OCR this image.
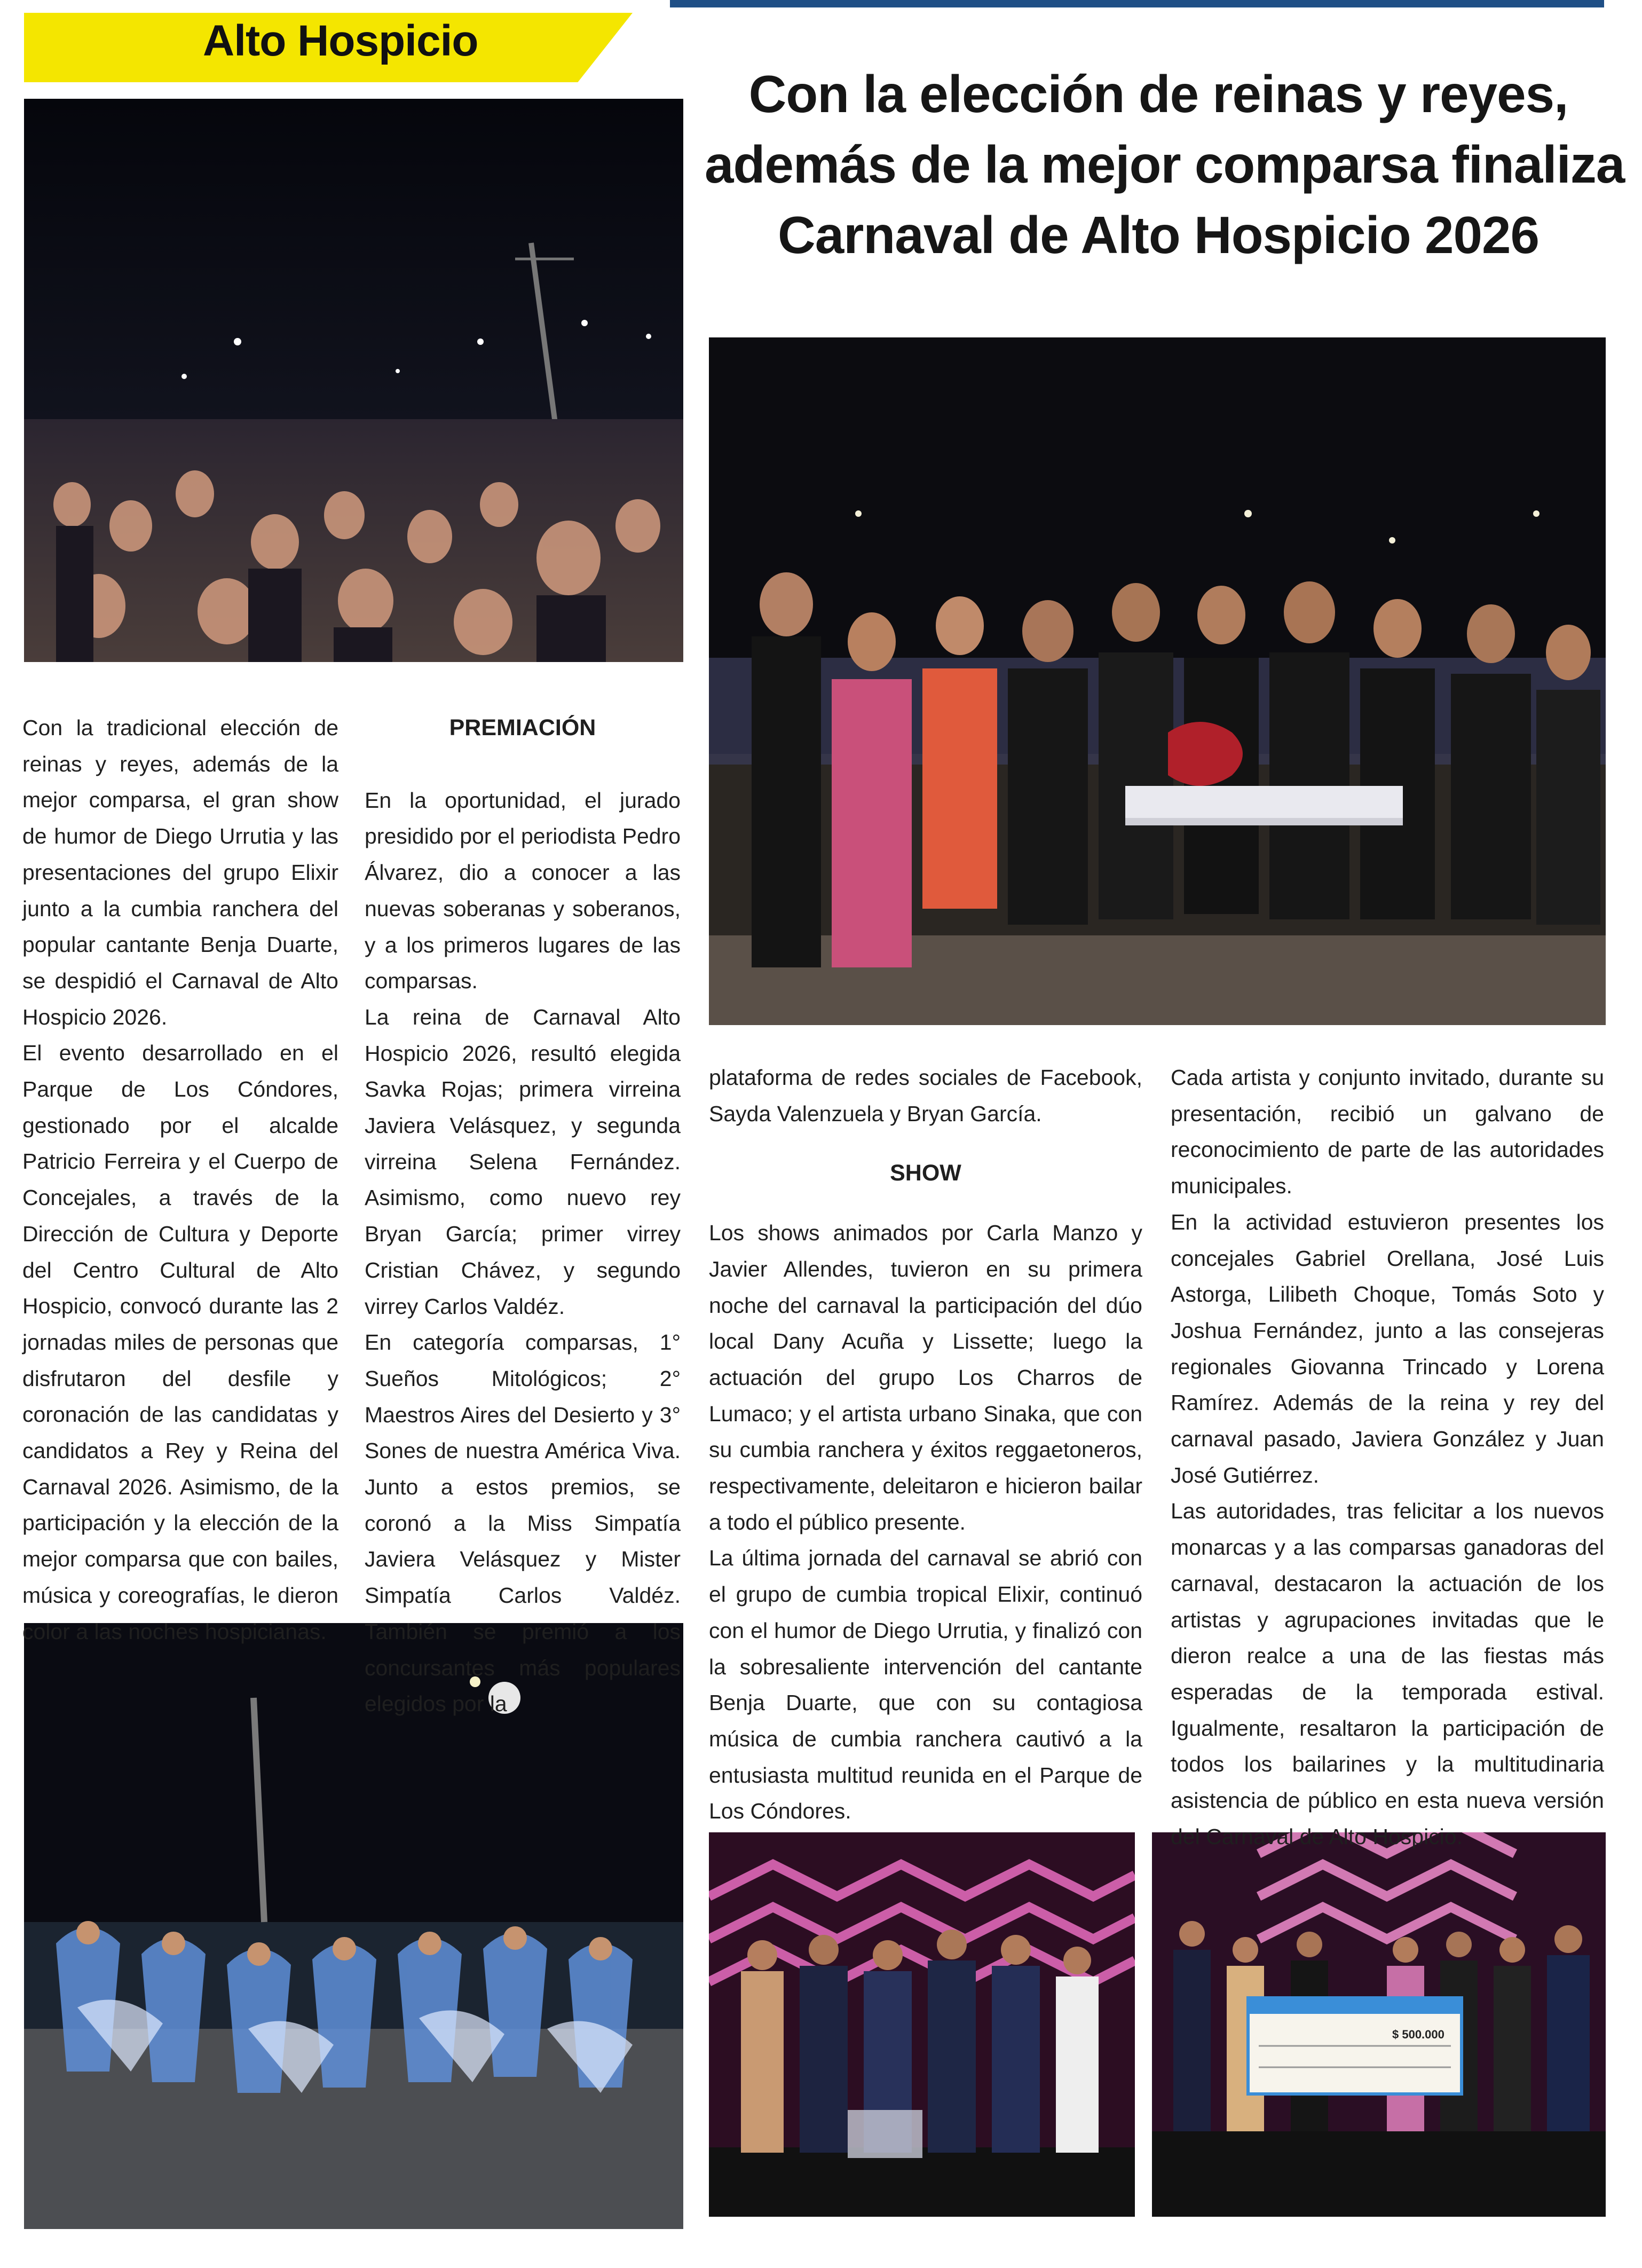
Alto Hospicio
Con la elección de reinas y reyes,
además de la mejor comparsa finaliza
Carnaval de Alto Hospicio 2026
$ 500.000

Con la tradicional elección de reinas y reyes, además de la mejor comparsa, el gran show de humor de Diego Urrutia y las presentaciones del grupo Elixir junto a la cumbia ranchera del popular cantante Benja Duarte, se despidió el Carnaval de Alto Hospicio 2026.

El evento desarrollado en el Parque de Los Cóndores, gestionado por el alcalde Patricio Ferreira y el Cuerpo de Concejales, a través de la Dirección de Cultura y Deporte del Centro Cultural de Alto Hospicio, convocó durante las 2 jornadas miles de personas que disfrutaron del desfile y coronación de las candidatas y candidatos a Rey y Reina del Carnaval 2026. Asimismo, de la participación y la elección de la mejor comparsa que con bailes, música y coreografías, le dieron color a las noches hospicianas.

PREMIACIÓN

En la oportunidad, el jurado presidido por el periodista Pedro Álvarez, dio a conocer a las nuevas soberanas y soberanos, y a los primeros lugares de las comparsas.

La reina de Carnaval Alto Hospicio 2026, resultó elegida Savka Rojas; primera virreina Javiera Velásquez, y segunda virreina Selena Fernández. Asimismo, como nuevo rey Bryan García; primer virrey Cristian Chávez, y segundo virrey Carlos Valdéz.

En categoría comparsas, 1° Sueños Mitológicos; 2° Maestros Aires del Desierto y 3° Sones de nuestra América Viva. Junto a estos premios, se coronó a la Miss Simpatía Javiera Velásquez y Mister Simpatía Carlos Valdéz. También se premió a los concursantes más populares elegidos por la

plataforma de redes sociales de Facebook, Sayda Valenzuela y Bryan García.

SHOW

Los shows animados por Carla Manzo y Javier Allendes, tuvieron en su primera noche del carnaval la participación del dúo local Dany Acuña y Lissette; luego la actuación del grupo Los Charros de Lumaco; y el artista urbano Sinaka, que con su cumbia ranchera y éxitos reggaetoneros, respectivamente, deleitaron e hicieron bailar a todo el público presente.

La última jornada del carnaval se abrió con el grupo de cumbia tropical Elixir, continuó con el humor de Diego Urrutia, y finalizó con la sobresaliente intervención del cantante Benja Duarte, que con su contagiosa música de cumbia ranchera cautivó a la entusiasta multitud reunida en el Parque de Los Cóndores.

Cada artista y conjunto invitado, durante su presentación, recibió un galvano de reconocimiento de parte de las autoridades municipales.

En la actividad estuvieron presentes los concejales Gabriel Orellana, José Luis Astorga, Lilibeth Choque, Tomás Soto y Joshua Fernández, junto a las consejeras regionales Giovanna Trincado y Lorena Ramírez. Además de la reina y rey del carnaval pasado, Javiera González y Juan José Gutiérrez.

Las autoridades, tras felicitar a los nuevos monarcas y a las comparsas ganadoras del carnaval, destacaron la actuación de los artistas y agrupaciones invitadas que le dieron realce a una de las fiestas más esperadas de la temporada estival. Igualmente, resaltaron la participación de todos los bailarines y la multitudinaria asistencia de público en esta nueva versión del Carnaval de Alto Hospicio.
